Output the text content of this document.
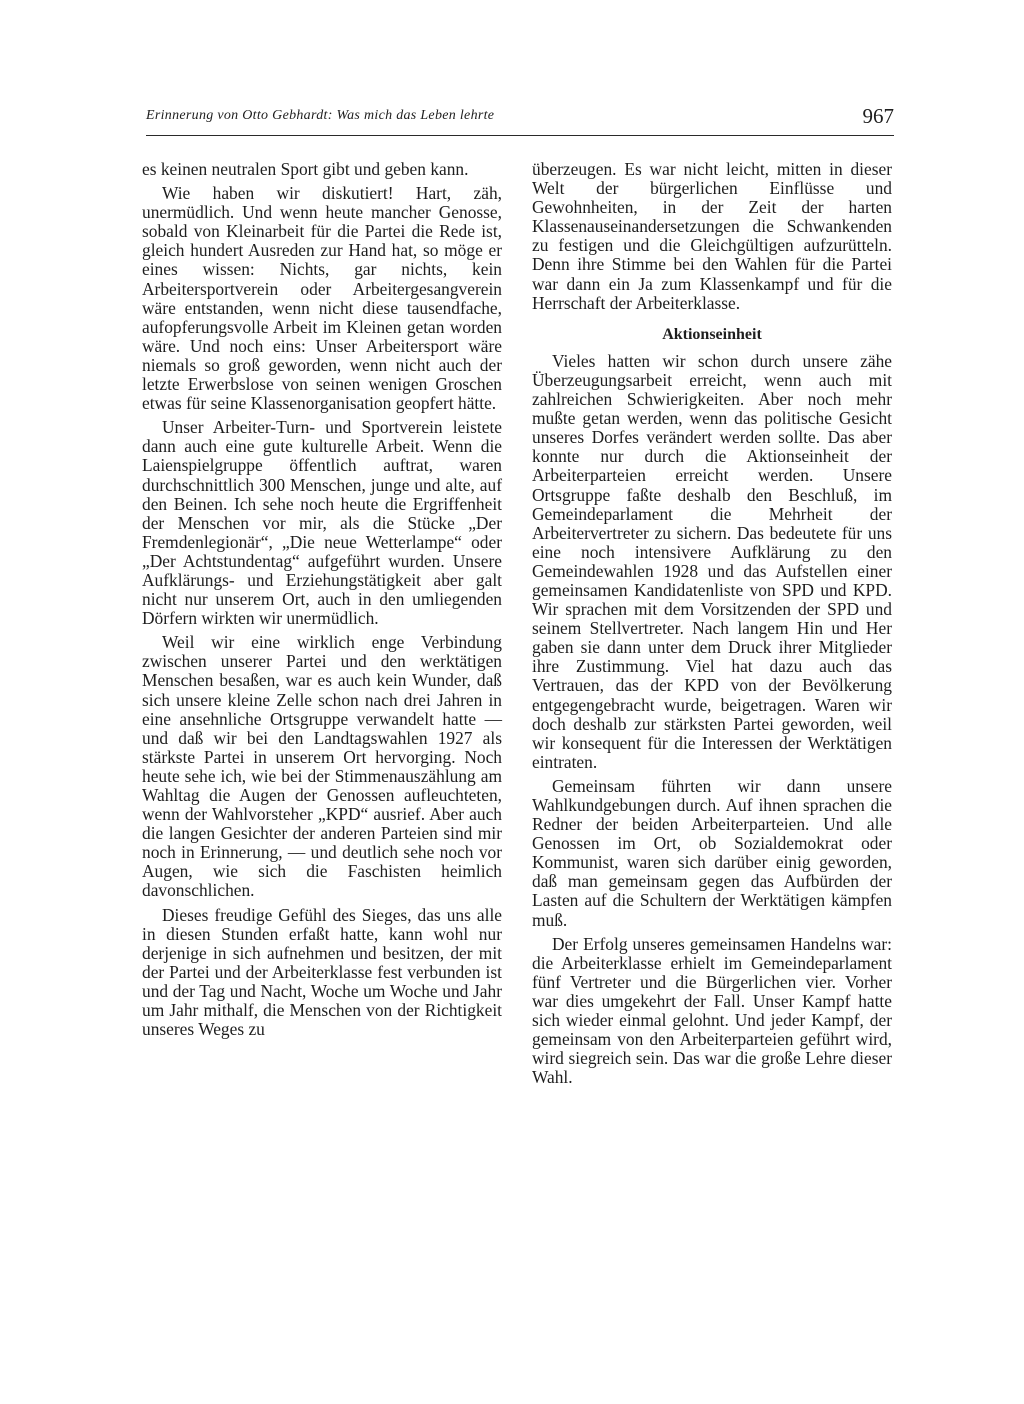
Erinnerung von Otto Gebhardt: Was mich das Leben lehrte	967

es keinen neutralen Sport gibt und geben kann.

Wie haben wir diskutiert! Hart, zäh, unermüdlich. Und wenn heute mancher Genosse, sobald von Kleinarbeit für die Partei die Rede ist, gleich hundert Ausreden zur Hand hat, so möge er eines wissen: Nichts, gar nichts, kein Arbeitersportverein oder Arbeitergesangverein wäre entstanden, wenn nicht diese tausendfache, aufopferungsvolle Arbeit im Kleinen getan worden wäre. Und noch eins: Unser Arbeitersport wäre niemals so groß geworden, wenn nicht auch der letzte Erwerbslose von seinen wenigen Groschen etwas für seine Klassenorganisation geopfert hätte.

Unser Arbeiter-Turn- und Sportverein leistete dann auch eine gute kulturelle Arbeit. Wenn die Laienspielgruppe öffentlich auftrat, waren durchschnittlich 300 Menschen, junge und alte, auf den Beinen. Ich sehe noch heute die Ergriffenheit der Menschen vor mir, als die Stücke „Der Fremdenlegionär“, „Die neue Wetterlampe“ oder „Der Achtstundentag“ aufgeführt wurden. Unsere Aufklärungs- und Erziehungstätigkeit aber galt nicht nur unserem Ort, auch in den umliegenden Dörfern wirkten wir unermüdlich.

Weil wir eine wirklich enge Verbindung zwischen unserer Partei und den werktätigen Menschen besaßen, war es auch kein Wunder, daß sich unsere kleine Zelle schon nach drei Jahren in eine ansehnliche Ortsgruppe verwandelt hatte — und daß wir bei den Landtagswahlen 1927 als stärkste Partei in unserem Ort hervorging. Noch heute sehe ich, wie bei der Stimmenauszählung am Wahltag die Augen der Genossen aufleuchteten, wenn der Wahlvorsteher „KPD“ ausrief. Aber auch die langen Gesichter der anderen Parteien sind mir noch in Erinnerung, — und deutlich sehe noch vor Augen, wie sich die Faschisten heimlich davonschlichen.

Dieses freudige Gefühl des Sieges, das uns alle in diesen Stunden erfaßt hatte, kann wohl nur derjenige in sich aufnehmen und besitzen, der mit der Partei und der Arbeiterklasse fest verbunden ist und der Tag und Nacht, Woche um Woche und Jahr um Jahr mithalf, die Menschen von der Richtigkeit unseres Weges zu

überzeugen. Es war nicht leicht, mitten in dieser Welt der bürgerlichen Einflüsse und Gewohnheiten, in der Zeit der harten Klassenauseinandersetzungen die Schwankenden zu festigen und die Gleichgültigen aufzurütteln. Denn ihre Stimme bei den Wahlen für die Partei war dann ein Ja zum Klassenkampf und für die Herrschaft der Arbeiterklasse.

Aktionseinheit

Vieles hatten wir schon durch unsere zähe Überzeugungsarbeit erreicht, wenn auch mit zahlreichen Schwierigkeiten. Aber noch mehr mußte getan werden, wenn das politische Gesicht unseres Dorfes verändert werden sollte. Das aber konnte nur durch die Aktionseinheit der Arbeiterparteien erreicht werden. Unsere Ortsgruppe faßte deshalb den Beschluß, im Gemeindeparlament die Mehrheit der Arbeitervertreter zu sichern. Das bedeutete für uns eine noch intensivere Aufklärung zu den Gemeindewahlen 1928 und das Aufstellen einer gemeinsamen Kandidatenliste von SPD und KPD. Wir sprachen mit dem Vorsitzenden der SPD und seinem Stellvertreter. Nach langem Hin und Her gaben sie dann unter dem Druck ihrer Mitglieder ihre Zustimmung. Viel hat dazu auch das Vertrauen, das der KPD von der Bevölkerung entgegengebracht wurde, beigetragen. Waren wir doch deshalb zur stärksten Partei geworden, weil wir konsequent für die Interessen der Werktätigen eintraten.

Gemeinsam führten wir dann unsere Wahlkundgebungen durch. Auf ihnen sprachen die Redner der beiden Arbeiterparteien. Und alle Genossen im Ort, ob Sozialdemokrat oder Kommunist, waren sich darüber einig geworden, daß man gemeinsam gegen das Aufbürden der Lasten auf die Schultern der Werktätigen kämpfen muß.

Der Erfolg unseres gemeinsamen Handelns war: die Arbeiterklasse erhielt im Gemeindeparlament fünf Vertreter und die Bürgerlichen vier. Vorher war dies umgekehrt der Fall. Unser Kampf hatte sich wieder einmal gelohnt. Und jeder Kampf, der gemeinsam von den Arbeiterparteien geführt wird, wird siegreich sein. Das war die große Lehre dieser Wahl.
